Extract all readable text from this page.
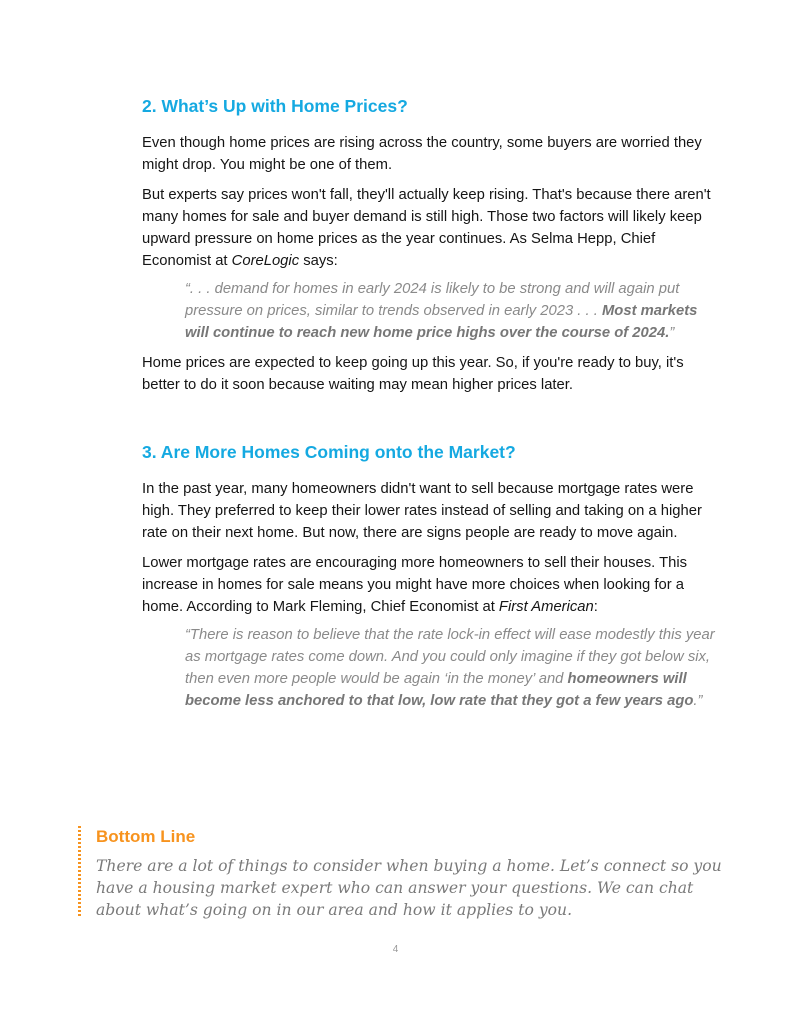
2. What’s Up with Home Prices?

Even though home prices are rising across the country, some buyers are worried they might drop. You might be one of them.

But experts say prices won't fall, they'll actually keep rising. That's because there aren't many homes for sale and buyer demand is still high. Those two factors will likely keep upward pressure on home prices as the year continues. As Selma Hepp, Chief Economist at CoreLogic says:

“. . . demand for homes in early 2024 is likely to be strong and will again put pressure on prices, similar to trends observed in early 2023 . . . Most markets will continue to reach new home price highs over the course of 2024.”

Home prices are expected to keep going up this year. So, if you're ready to buy, it's better to do it soon because waiting may mean higher prices later.

3. Are More Homes Coming onto the Market?

In the past year, many homeowners didn't want to sell because mortgage rates were high. They preferred to keep their lower rates instead of selling and taking on a higher rate on their next home. But now, there are signs people are ready to move again.

Lower mortgage rates are encouraging more homeowners to sell their houses. This increase in homes for sale means you might have more choices when looking for a home. According to Mark Fleming, Chief Economist at First American:

“There is reason to believe that the rate lock-in effect will ease modestly this year as mortgage rates come down. And you could only imagine if they got below six, then even more people would be again ‘in the money’ and homeowners will become less anchored to that low, low rate that they got a few years ago.”

Bottom Line

There are a lot of things to consider when buying a home. Let’s connect so you have a housing market expert who can answer your questions. We can chat about what’s going on in our area and how it applies to you.

4
